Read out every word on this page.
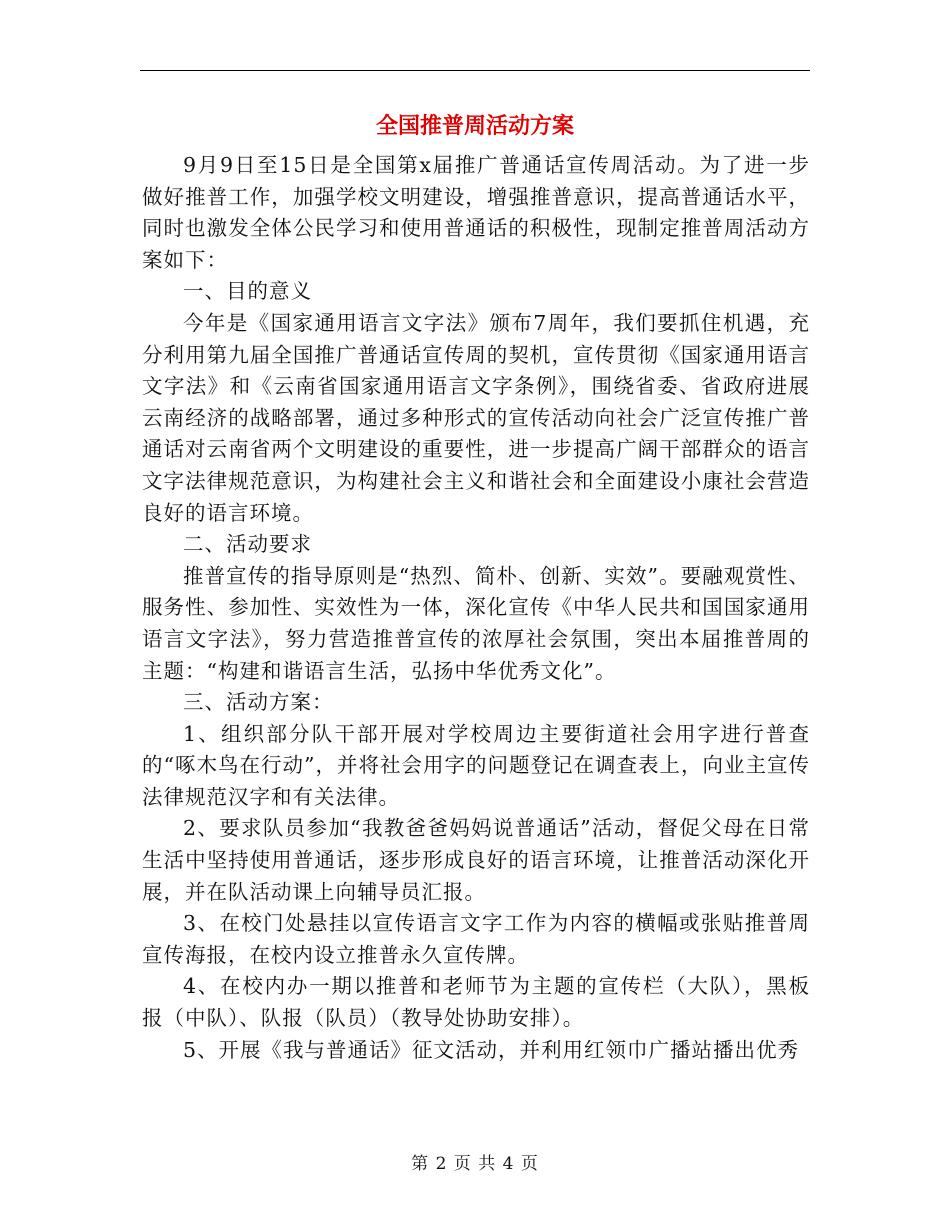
全国推普周活动方案

9月9日至15日是全国第x届推广普通话宣传周活动。为了进一步做好推普工作，加强学校文明建设，增强推普意识，提高普通话水平，同时也激发全体公民学习和使用普通话的积极性，现制定推普周活动方案如下：

一、目的意义

今年是《国家通用语言文字法》颁布7周年，我们要抓住机遇，充分利用第九届全国推广普通话宣传周的契机，宣传贯彻《国家通用语言文字法》和《云南省国家通用语言文字条例》，围绕省委、省政府进展云南经济的战略部署，通过多种形式的宣传活动向社会广泛宣传推广普通话对云南省两个文明建设的重要性，进一步提高广阔干部群众的语言文字法律规范意识，为构建社会主义和谐社会和全面建设小康社会营造良好的语言环境。

二、活动要求

推普宣传的指导原则是“热烈、简朴、创新、实效”。要融观赏性、服务性、参加性、实效性为一体，深化宣传《中华人民共和国国家通用语言文字法》，努力营造推普宣传的浓厚社会氛围，突出本届推普周的主题：“构建和谐语言生活，弘扬中华优秀文化”。

三、活动方案：

1、组织部分队干部开展对学校周边主要街道社会用字进行普查的“啄木鸟在行动”，并将社会用字的问题登记在调查表上，向业主宣传法律规范汉字和有关法律。

2、要求队员参加“我教爸爸妈妈说普通话”活动，督促父母在日常生活中坚持使用普通话，逐步形成良好的语言环境，让推普活动深化开展，并在队活动课上向辅导员汇报。

3、在校门处悬挂以宣传语言文字工作为内容的横幅或张贴推普周宣传海报，在校内设立推普永久宣传牌。

4、在校内办一期以推普和老师节为主题的宣传栏（大队），黑板报（中队）、队报（队员）（教导处协助安排）。

5、开展《我与普通话》征文活动，并利用红领巾广播站播出优秀

第 2 页 共 4 页
